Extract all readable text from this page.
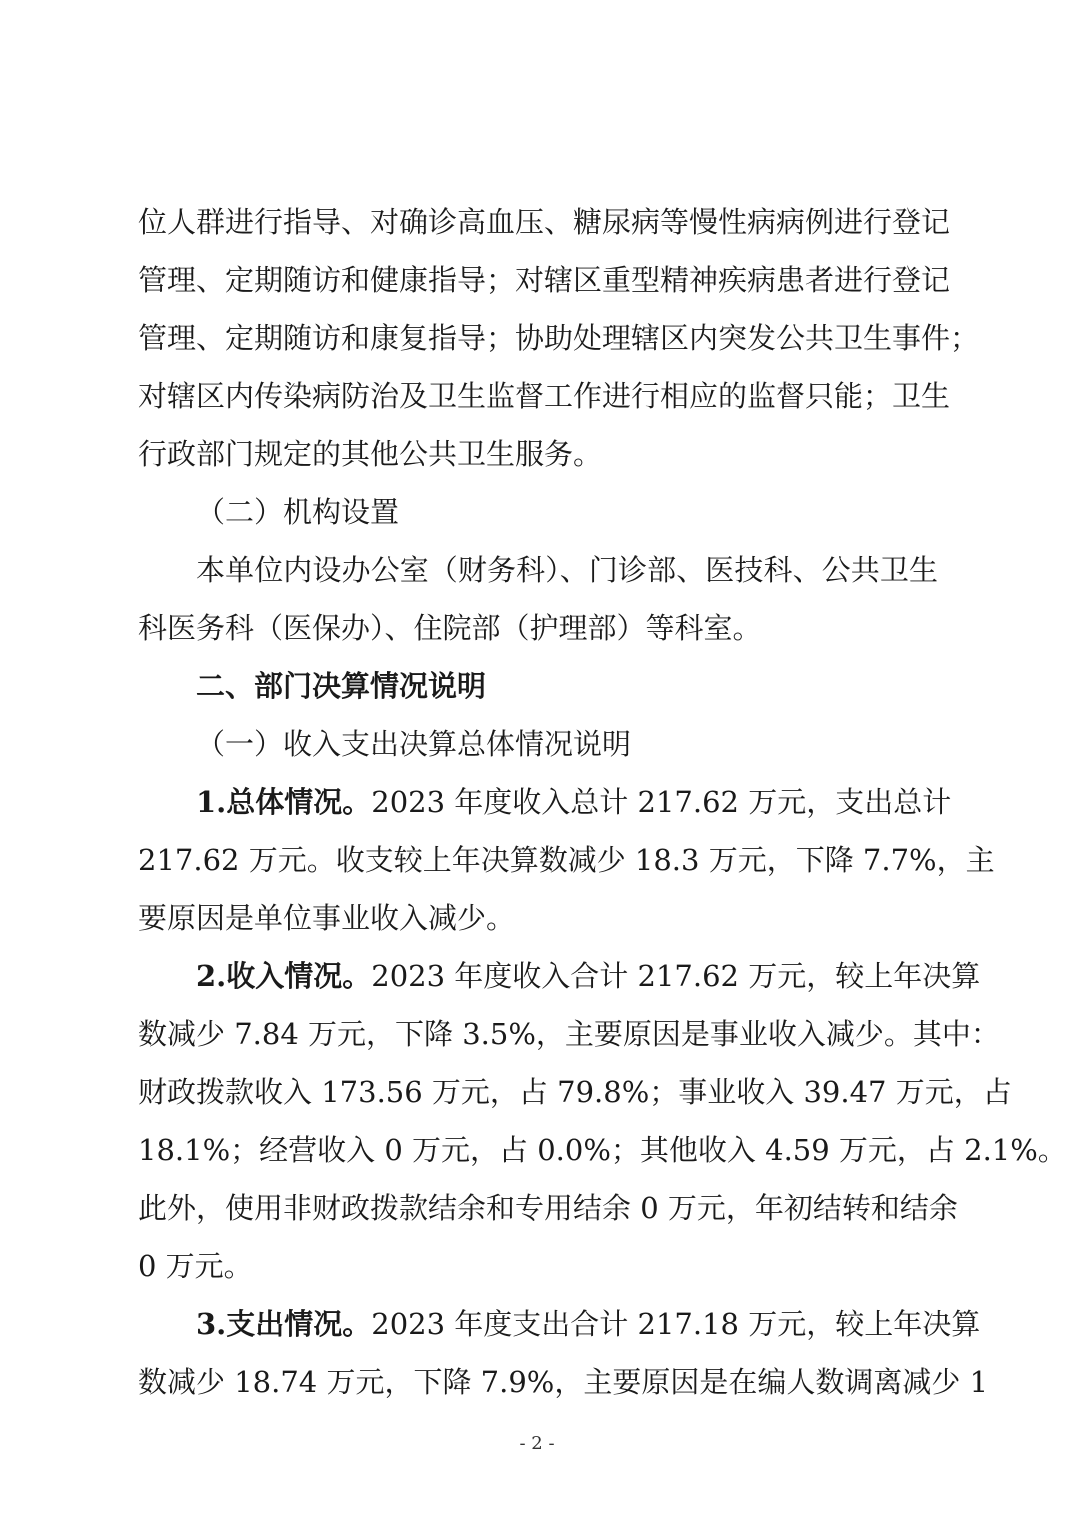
位人群进行指导、对确诊高血压、糖尿病等慢性病病例进行登记
管理、定期随访和健康指导；对辖区重型精神疾病患者进行登记
管理、定期随访和康复指导；协助处理辖区内突发公共卫生事件；
对辖区内传染病防治及卫生监督工作进行相应的监督只能；卫生
行政部门规定的其他公共卫生服务。
（二）机构设置
本单位内设办公室（财务科）、门诊部、医技科、公共卫生
科医务科（医保办）、住院部（护理部）等科室。
二、部门决算情况说明
（一）收入支出决算总体情况说明
1.总体情况。2023 年度收入总计 217.62 万元，支出总计
217.62 万元。收支较上年决算数减少 18.3 万元，下降 7.7%，主
要原因是单位事业收入减少。
2.收入情况。2023 年度收入合计 217.62 万元，较上年决算
数减少 7.84 万元，下降 3.5%，主要原因是事业收入减少。其中：
财政拨款收入 173.56 万元，占 79.8%；事业收入 39.47 万元，占
18.1%；经营收入 0 万元，占 0.0%；其他收入 4.59 万元，占 2.1%。
此外，使用非财政拨款结余和专用结余 0 万元，年初结转和结余
0 万元。
3.支出情况。2023 年度支出合计 217.18 万元，较上年决算
数减少 18.74 万元，下降 7.9%，主要原因是在编人数调离减少 1
- 2 -
